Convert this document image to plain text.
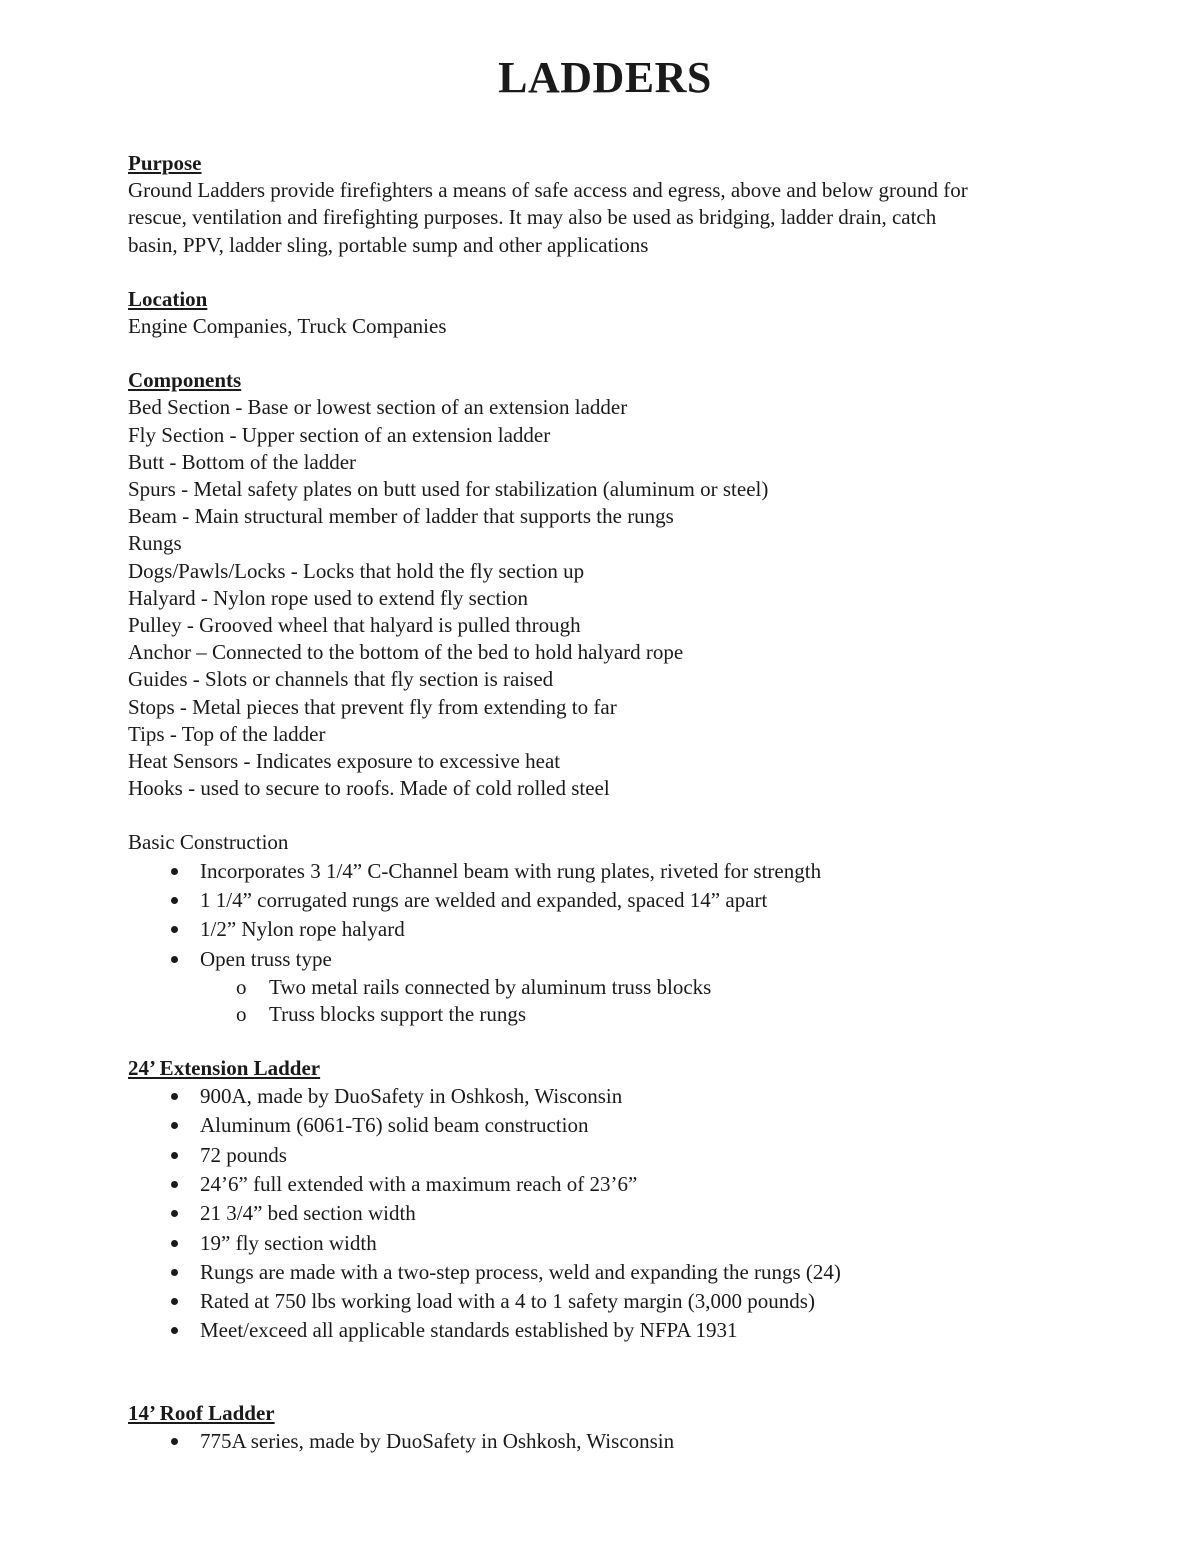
LADDERS
Purpose
Ground Ladders provide firefighters a means of safe access and egress, above and below ground for
rescue, ventilation and firefighting purposes. It may also be used as bridging, ladder drain, catch
basin, PPV, ladder sling, portable sump and other applications
Location
Engine Companies, Truck Companies
Components
Bed Section - Base or lowest section of an extension ladder
Fly Section - Upper section of an extension ladder
Butt - Bottom of the ladder
Spurs - Metal safety plates on butt used for stabilization (aluminum or steel)
Beam - Main structural member of ladder that supports the rungs
Rungs
Dogs/Pawls/Locks - Locks that hold the fly section up
Halyard - Nylon rope used to extend fly section
Pulley - Grooved wheel that halyard is pulled through
Anchor – Connected to the bottom of the bed to hold halyard rope
Guides - Slots or channels that fly section is raised
Stops - Metal pieces that prevent fly from extending to far
Tips - Top of the ladder
Heat Sensors - Indicates exposure to excessive heat
Hooks - used to secure to roofs. Made of cold rolled steel
Basic Construction
Incorporates 3 1/4” C-Channel beam with rung plates, riveted for strength
1 1/4” corrugated rungs are welded and expanded, spaced 14” apart
1/2” Nylon rope halyard
Open truss type
o Two metal rails connected by aluminum truss blocks
o Truss blocks support the rungs
24’ Extension Ladder
900A, made by DuoSafety in Oshkosh, Wisconsin
Aluminum (6061-T6) solid beam construction
72 pounds
24’6” full extended with a maximum reach of 23’6”
21 3/4” bed section width
19” fly section width
Rungs are made with a two-step process, weld and expanding the rungs (24)
Rated at 750 lbs working load with a 4 to 1 safety margin (3,000 pounds)
Meet/exceed all applicable standards established by NFPA 1931
14’ Roof Ladder
775A series, made by DuoSafety in Oshkosh, Wisconsin
